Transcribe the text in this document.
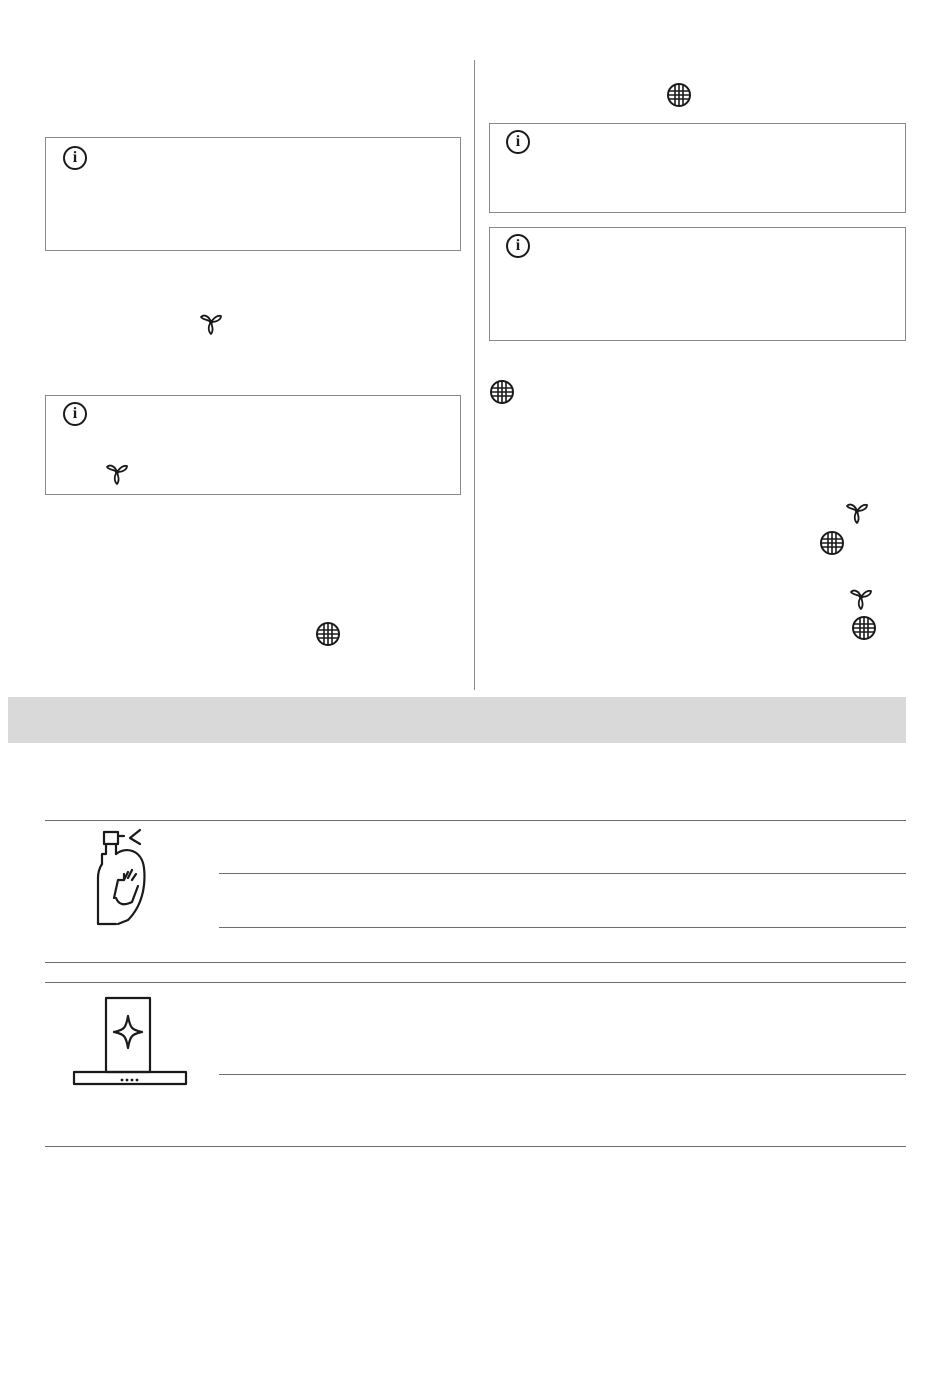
i
i
i
i
